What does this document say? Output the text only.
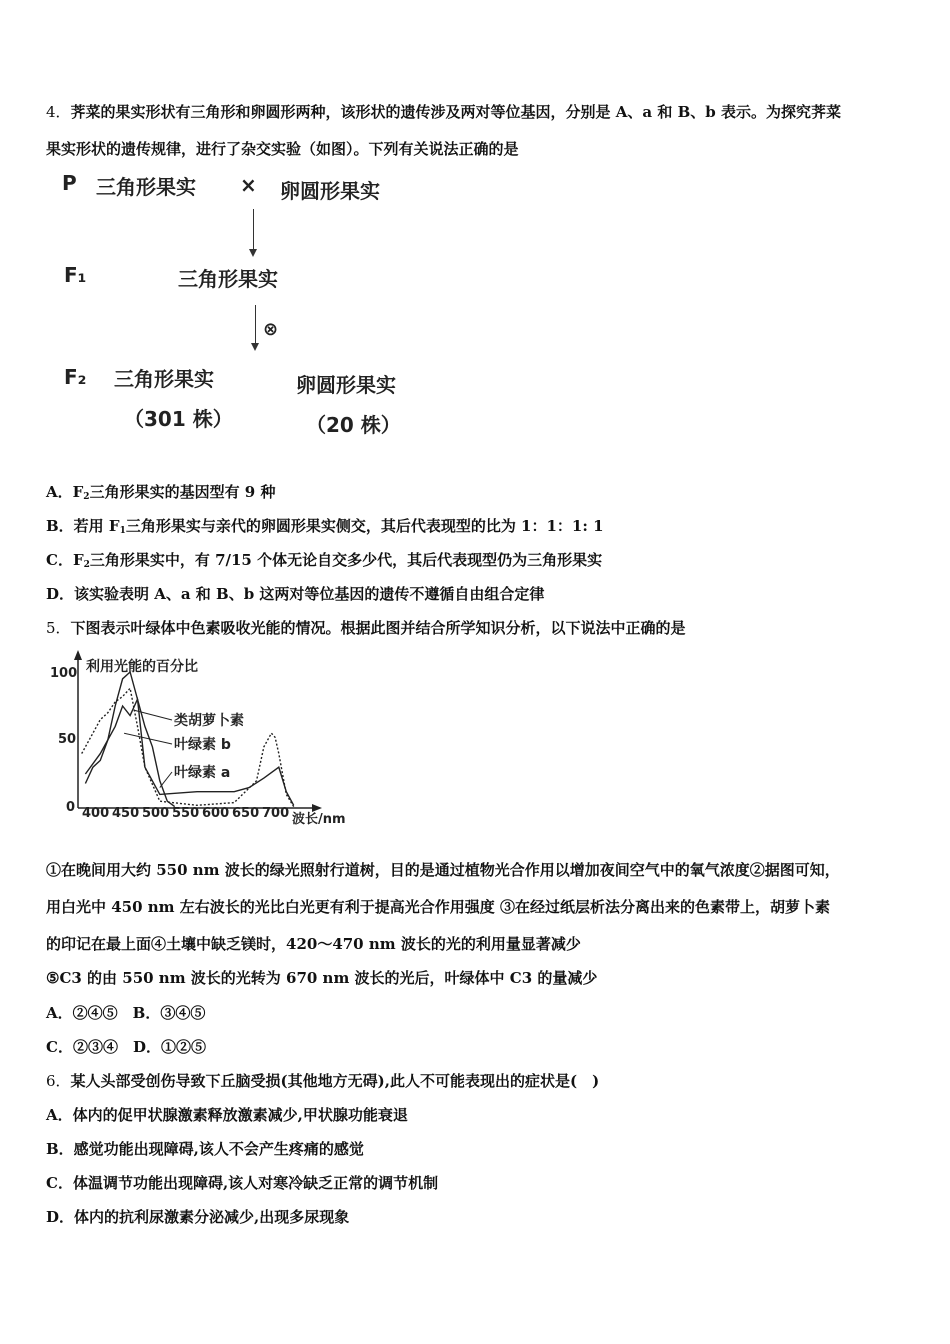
4．荠菜的果实形状有三角形和卵圆形两种，该形状的遗传涉及两对等位基因，分别是 A、a 和 B、b 表示。为探究荠菜
果实形状的遗传规律，进行了杂交实验（如图）。下列有关说法正确的是
P 三角形果实 × 卵圆形果实
F₁	三角形果实
⊗
F₂ 三角形果实	卵圆形果实
（301 株）	（20 株）
A．$F_2$三角形果实的基因型有 9 种
B．若用 $F_1$三角形果实与亲代的卵圆形果实侧交，其后代表现型的比为 1：1：1: 1
C．$F_2$三角形果实中，有 7/15 个体无论自交多少代，其后代表现型仍为三角形果实
D．该实验表明 A、a 和 B、b 这两对等位基因的遗传不遵循自由组合定律
5．下图表示叶绿体中色素吸收光能的情况。根据此图并结合所学知识分析，以下说法中正确的是
利用光能的百分比
类胡萝卜素
叶绿素 b
叶绿素 a
100
50
0 400 450 500 550 600 650 700 波长/nm
①在晚间用大约 550 nm 波长的绿光照射行道树，目的是通过植物光合作用以增加夜间空气中的氧气浓度②据图可知，
用白光中 450 nm 左右波长的光比白光更有利于提高光合作用强度 ③在经过纸层析法分离出来的色素带上，胡萝卜素
的印记在最上面④土壤中缺乏镁时，420～470 nm 波长的光的利用量显著减少
⑤C3 的由 550 nm 波长的光转为 670 nm 波长的光后，叶绿体中 C3 的量减少
A．②④⑤　B．③④⑤
C．②③④　D．①②⑤
6．某人头部受创伤导致下丘脑受损(其他地方无碍),此人不可能表现出的症状是(　)
A．体内的促甲状腺激素释放激素减少,甲状腺功能衰退
B．感觉功能出现障碍,该人不会产生疼痛的感觉
C．体温调节功能出现障碍,该人对寒冷缺乏正常的调节机制
D．体内的抗利尿激素分泌减少,出现多尿现象
